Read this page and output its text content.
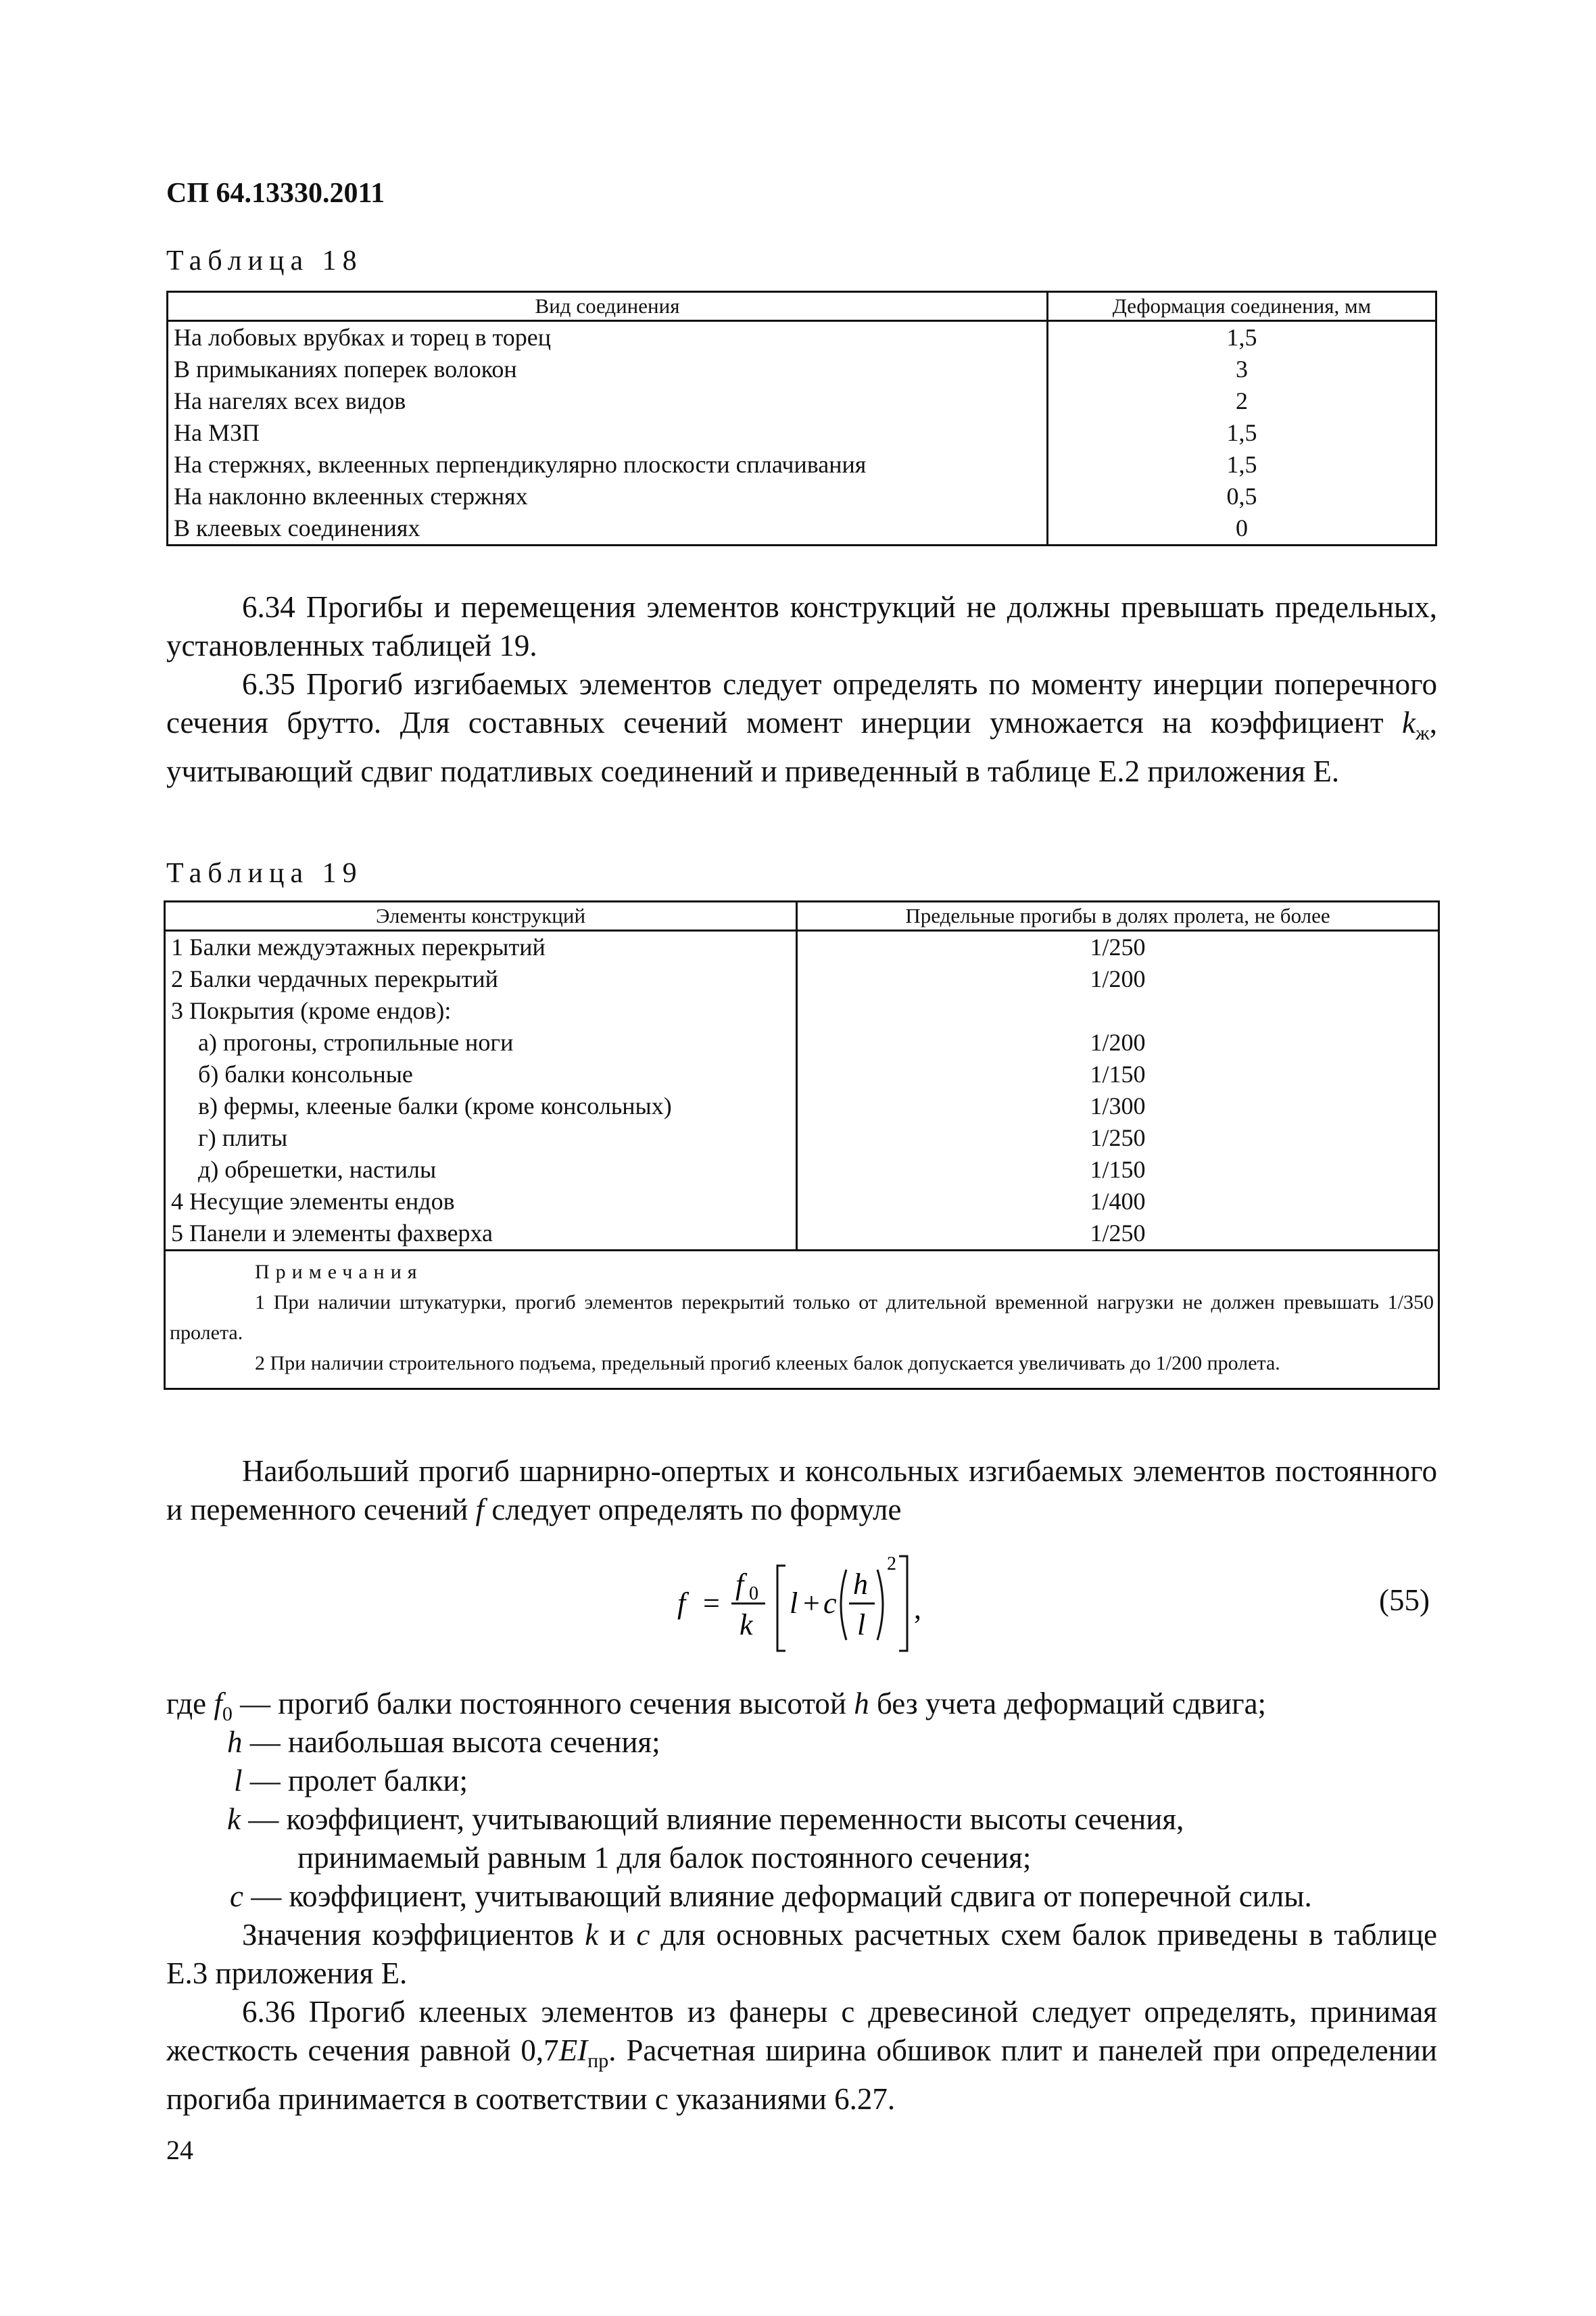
СП 64.13330.2011
Таблица 18
Вид соединения	Деформация соединения, мм
На лобовых врубках и торец в торец	1,5
В примыканиях поперек волокон	3
На нагелях всех видов	2
На МЗП	1,5
На стержнях, вклеенных перпендикулярно плоскости сплачивания	1,5
На наклонно вклеенных стержнях	0,5
В клеевых соединениях	0
6.34 Прогибы и перемещения элементов конструкций не должны превышать предельных, установленных таблицей 19.
6.35 Прогиб изгибаемых элементов следует определять по моменту инерции поперечного сечения брутто. Для составных сечений момент инерции умножается на коэффициент $k_ж$, учитывающий сдвиг податливых соединений и приведенный в таблице Е.2 приложения Е.
Таблица 19
Элементы конструкций	Предельные прогибы в долях пролета, не более
1 Балки междуэтажных перекрытий	1/250
2 Балки чердачных перекрытий	1/200
3 Покрытия (кроме ендов):	
а) прогоны, стропильные ноги	1/200
б) балки консольные	1/150
в) фермы, клееные балки (кроме консольных)	1/300
г) плиты	1/250
д) обрешетки, настилы	1/150
4 Несущие элементы ендов	1/400
5 Панели и элементы фахверха	1/250

Примечания
1 При наличии штукатурки, прогиб элементов перекрытий только от длительной временной нагрузки не должен превышать 1/350 пролета.
2 При наличии строительного подъема, предельный прогиб клееных балок допускается увеличивать до 1/200 пролета.	
Наибольший прогиб шарнирно-опертых и консольных изгибаемых элементов постоянного и переменного сечений f следует определять по формуле
f =
f 0
k
l + c
h
l
2
,	(55)
где $f_0$ — прогиб балки постоянного сечения высотой h без учета деформаций сдвига;
h — наибольшая высота сечения;
l — пролет балки;
k — коэффициент, учитывающий влияние переменности высоты сечения,
принимаемый равным 1 для балок постоянного сечения;
c — коэффициент, учитывающий влияние деформаций сдвига от поперечной силы.
Значения коэффициентов k и c для основных расчетных схем балок приведены в таблице Е.3 приложения Е.
6.36 Прогиб клееных элементов из фанеры с древесиной следует определять, принимая жесткость сечения равной $0,7EI_{пр}$. Расчетная ширина обшивок плит и панелей при определении прогиба принимается в соответствии с указаниями 6.27.
24
